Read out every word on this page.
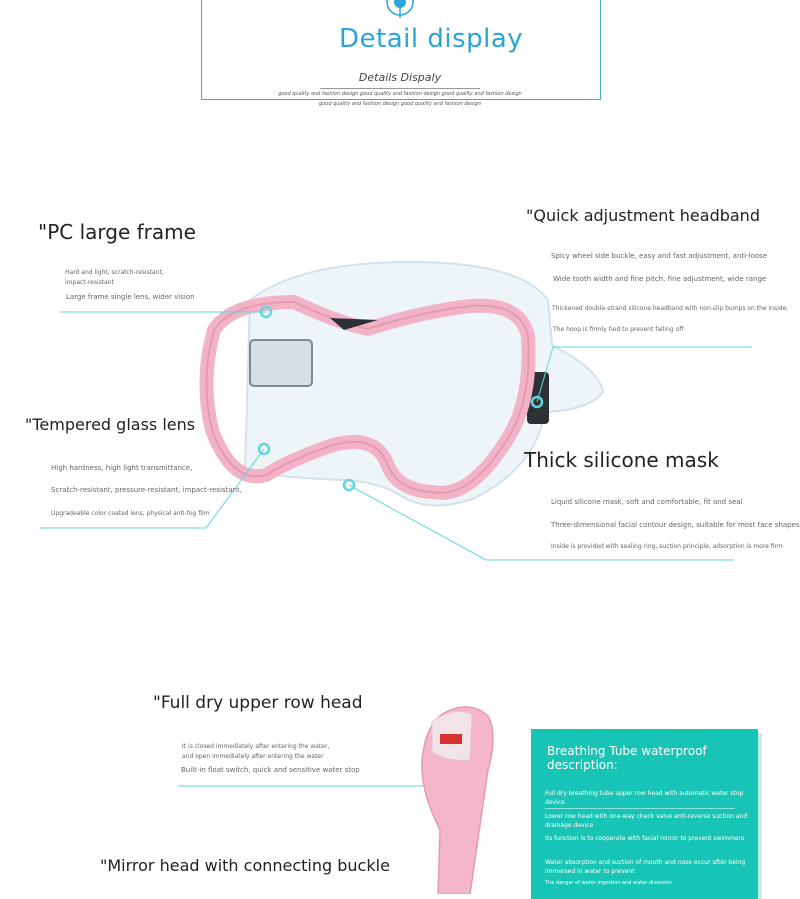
Detail display
Details Dispaly
good quality and fashion design good quality and fashion design good quality and fashion design
good quality and fashion design good quality and fashion design
"PC large frame
Hard and light, scratch-resistant, impact-resistant
Large frame single lens, wider vision
"Quick adjustment headband
Spicy wheel side buckle, easy and fast adjustment, anti-loose
Wide tooth width and fine pitch, fine adjustment, wide range
Thickened double-strand silicone headband with non-slip bumps on the inside,
The hoop is firmly tied to prevent falling off
"Tempered glass lens
High hardness, high light transmittance,
Scratch-resistant, pressure-resistant, impact-resistant,
Upgradeable color coated lens, physical anti-fog film
Thick silicone mask
Liquid silicone mask, soft and comfortable, fit and seal
Three-dimensional facial contour design, suitable for most face shapes
Inside is provided with sealing ring, suction principle, adsorption is more firm
"Full dry upper row head
It is closed immediately after entering the water, and open immediately after entering the water
Built-in float switch, quick and sensitive water stop
"Mirror head with connecting buckle
Breathing Tube waterproof description:
Full dry breathing tube upper row head with automatic water stop device
Lower row head with one-way check valve anti-reverse suction and drainage device
Its function is to cooperate with facial mirror to prevent swimmers
Water absorption and suction of mouth and nose occur after being immersed in water to prevent
The danger of water ingestion and water diversion
